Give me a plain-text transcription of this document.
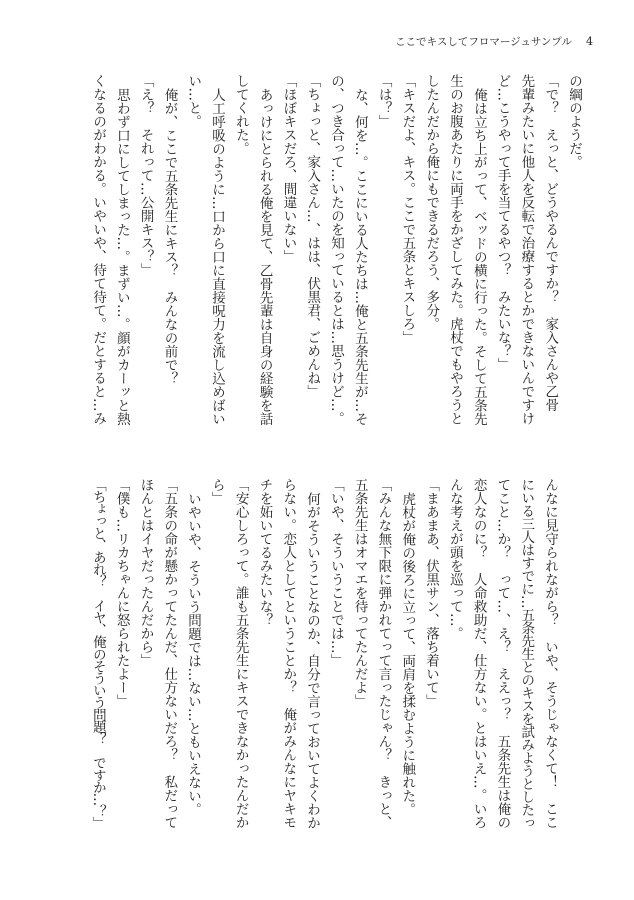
ここでキスしてフロマージュサンプル 4
の綱のようだ。
「で？　えっと、どうやるんですか？　家入さんや乙骨
先輩みたいに他人を反転で治療するとかできないんですけ
ど…こうやって手を当てるやつ？　みたいな？」
俺は立ち上がって、ベッドの横に行った。そして五条先
生のお腹あたりに両手をかざしてみた。虎杖でもやろうと
したんだから俺にもできるだろう、多分。
「キスだよ、キス。ここで五条とキスしろ」
「は？」
な、何を…。ここにいる人たちは…俺と五条先生が…そ
の、つき合って…いたのを知っているとは…思うけど…。
「ちょっと、家入さん…、はは、伏黒君、ごめんね」
「ほぼキスだろ、間違いない」
あっけにとられる俺を見て、乙骨先輩は自身の経験を話
してくれた。
人工呼吸のように…口から口に直接呪力を流し込めばい
い…と。
俺が、ここで五条先生にキス？　みんなの前で？
「え？　それって…公開キス？」
思わず口にしてしまった…。まずい…。顔がカーッと熱
くなるのがわかる。いやいや、待て待て。だとすると…み
んなに見守られながら？　いや、そうじゃなくて！　ここ
にいる三人はすでに…五条先生とのキスを試みようとしたっ
てこと…か？　って…、え？　ええっ？　五条先生は俺の
恋人なのに？　人命救助だ、仕方ない。とはいえ…。いろ
んな考えが頭を巡って…。
「まあまあ、伏黒サン、落ち着いて」
虎杖が俺の後ろに立って、両肩を揉むように触れた。
「みんな無下限に弾かれてって言ったじゃん？　きっと、
五条先生はオマエを待ってたんだよ」
「いや、そういうことでは…」
何がそういうことなのか、自分で言っておいてよくわか
らない。恋人としてということか？　俺がみんなにヤキモ
チを妬いてるみたいな？
「安心しろって。誰も五条先生にキスできなかったんだか
ら」
いやいや、そういう問題では…ない…ともいえない。
「五条の命が懸かってたんだ、仕方ないだろ？　私だって
ほんとはイヤだったんだから」
「僕も…リカちゃんに怒られたよー」
「ちょっと、あれ？　イヤ、俺のそういう問題？　ですか…？」
